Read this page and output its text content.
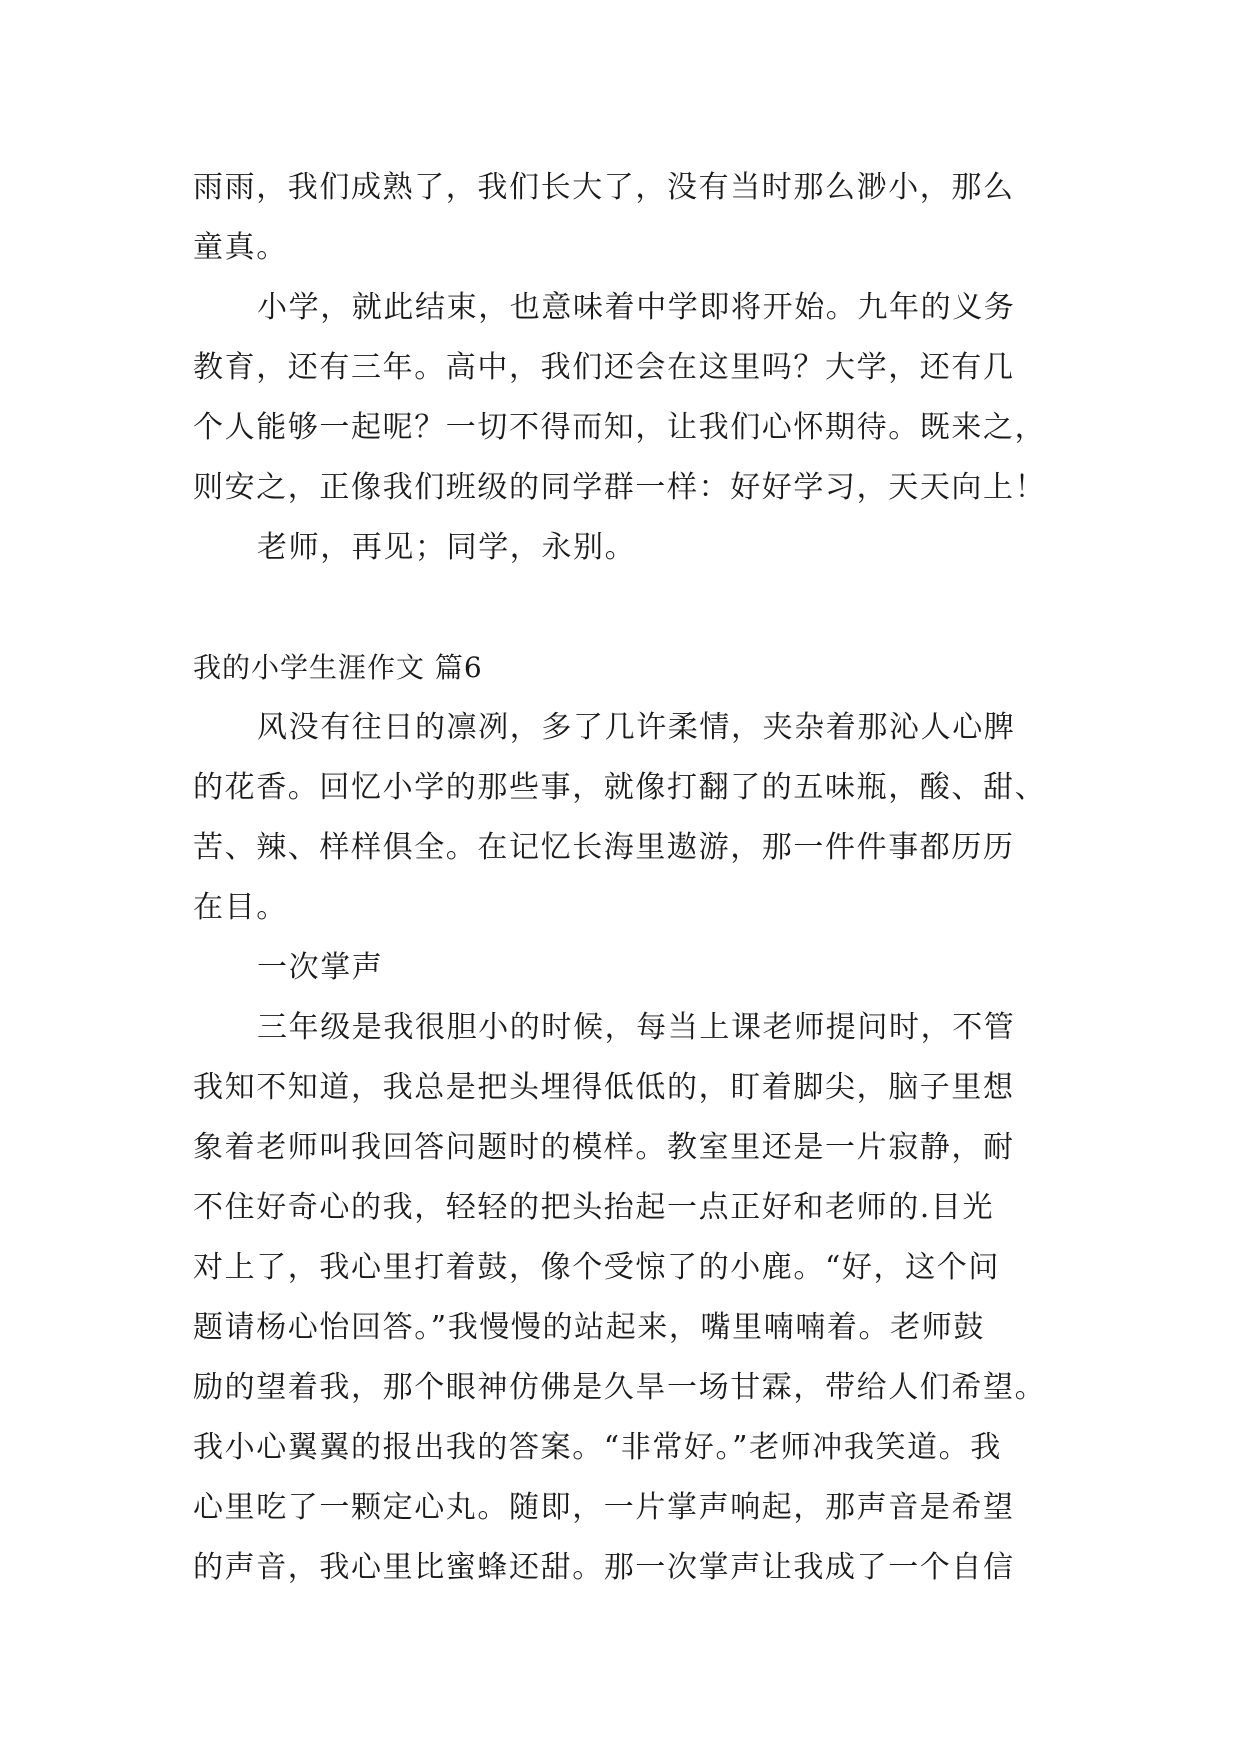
雨雨，我们成熟了，我们长大了，没有当时那么渺小，那么
童真。
小学，就此结束，也意味着中学即将开始。九年的义务
教育，还有三年。高中，我们还会在这里吗？大学，还有几
个人能够一起呢？一切不得而知，让我们心怀期待。既来之，
则安之，正像我们班级的同学群一样：好好学习，天天向上！
老师，再见；同学，永别。
我的小学生涯作文 篇6
风没有往日的凛冽，多了几许柔情，夹杂着那沁人心脾
的花香。回忆小学的那些事，就像打翻了的五味瓶，酸、甜、
苦、辣、样样俱全。在记忆长海里遨游，那一件件事都历历
在目。
一次掌声
三年级是我很胆小的时候，每当上课老师提问时，不管
我知不知道，我总是把头埋得低低的，盯着脚尖，脑子里想
象着老师叫我回答问题时的模样。教室里还是一片寂静，耐
不住好奇心的我，轻轻的把头抬起一点正好和老师的.目光
对上了，我心里打着鼓，像个受惊了的小鹿。“好，这个问
题请杨心怡回答。”我慢慢的站起来，嘴里喃喃着。老师鼓
励的望着我，那个眼神仿佛是久旱一场甘霖，带给人们希望。
我小心翼翼的报出我的答案。“非常好。”老师冲我笑道。我
心里吃了一颗定心丸。随即，一片掌声响起，那声音是希望
的声音，我心里比蜜蜂还甜。那一次掌声让我成了一个自信
